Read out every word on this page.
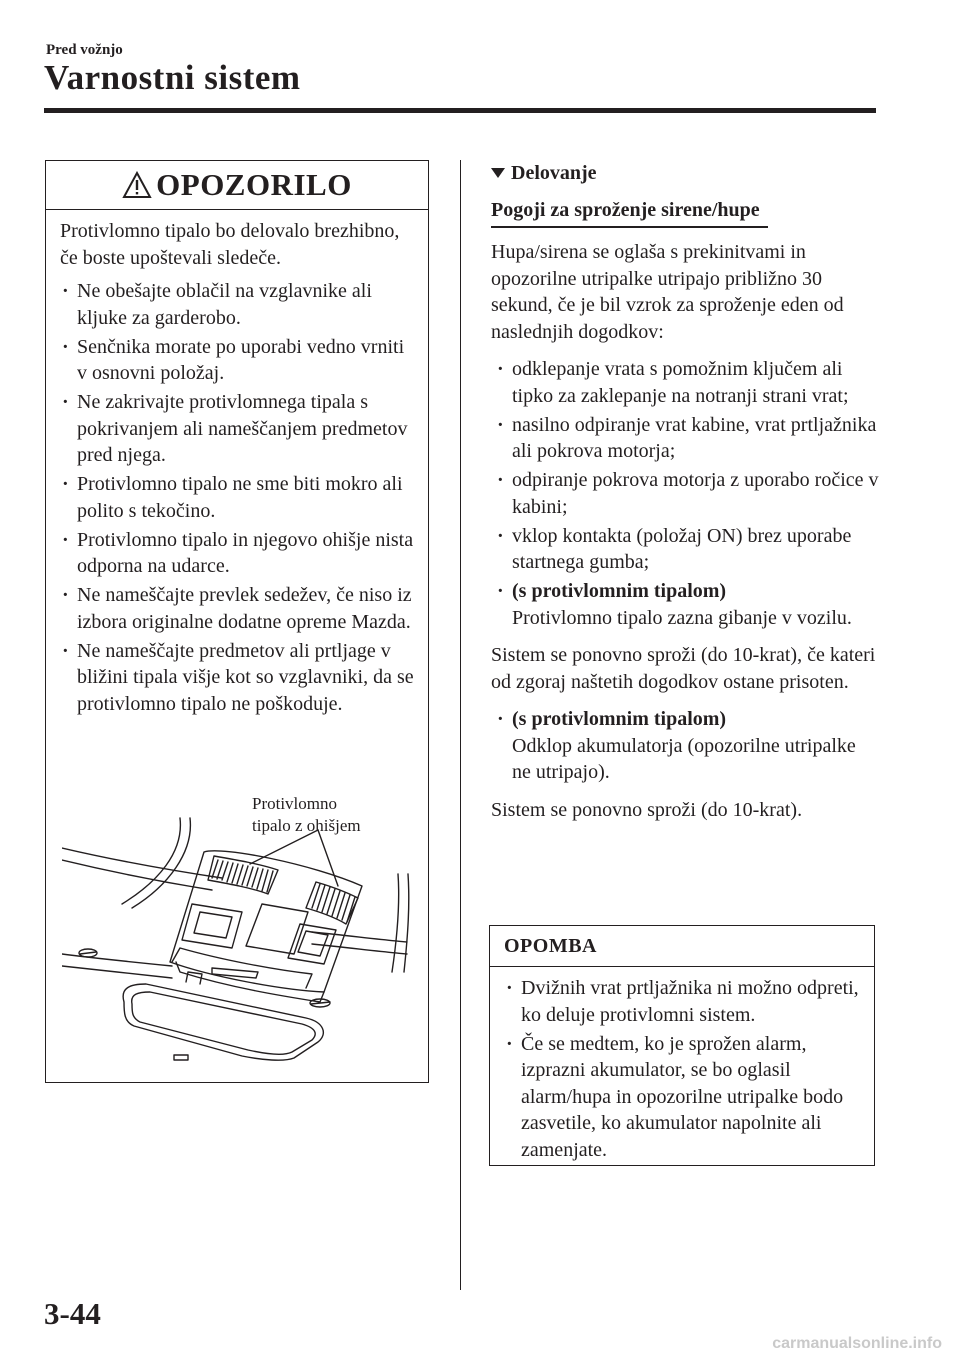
Pred vožnjo
Varnostni sistem
OPOZORILO

Protivlomno tipalo bo delovalo brezhibno, če boste upoštevali sledeče.

· Ne obešajte oblačil na vzglavnike ali kljuke za garderobo.
· Senčnika morate po uporabi vedno vrniti v osnovni položaj.
· Ne zakrivajte protivlomnega tipala s pokrivanjem ali nameščanjem predmetov pred njega.
· Protivlomno tipalo ne sme biti mokro ali polito s tekočino.
· Protivlomno tipalo in njegovo ohišje nista odporna na udarce.
· Ne nameščajte prevlek sedežev, če niso iz izbora originalne dodatne opreme Mazda.
· Ne nameščajte predmetov ali prtljage v bližini tipala višje kot so vzglavniki, da se protivlomno tipalo ne poškoduje.
Protivlomno
tipalo z ohišjem
Delovanje
Pogoji za sproženje sirene/hupe

Hupa/sirena se oglaša s prekinitvami in opozorilne utripalke utripajo približno 30 sekund, če je bil vzrok za sproženje eden od naslednjih dogodkov:

· odklepanje vrata s pomožnim ključem ali tipko za zaklepanje na notranji strani vrat;
· nasilno odpiranje vrat kabine, vrat prtljažnika ali pokrova motorja;
· odpiranje pokrova motorja z uporabo ročice v kabini;
· vklop kontakta (položaj ON) brez uporabe startnega gumba;
· (s protivlomnim tipalom)
Protivlomno tipalo zazna gibanje v vozilu.

Sistem se ponovno sproži (do 10-krat), če kateri od zgoraj naštetih dogodkov ostane prisoten.

· (s protivlomnim tipalom)
Odklop akumulatorja (opozorilne utripalke ne utripajo).

Sistem se ponovno sproži (do 10-krat).

OPOMBA
· Dvižnih vrat prtljažnika ni možno odpreti, ko deluje protivlomni sistem.
· Če se medtem, ko je sprožen alarm, izprazni akumulator, se bo oglasil alarm/hupa in opozorilne utripalke bodo zasvetile, ko akumulator napolnite ali zamenjate.
3-44
carmanualsonline.info
